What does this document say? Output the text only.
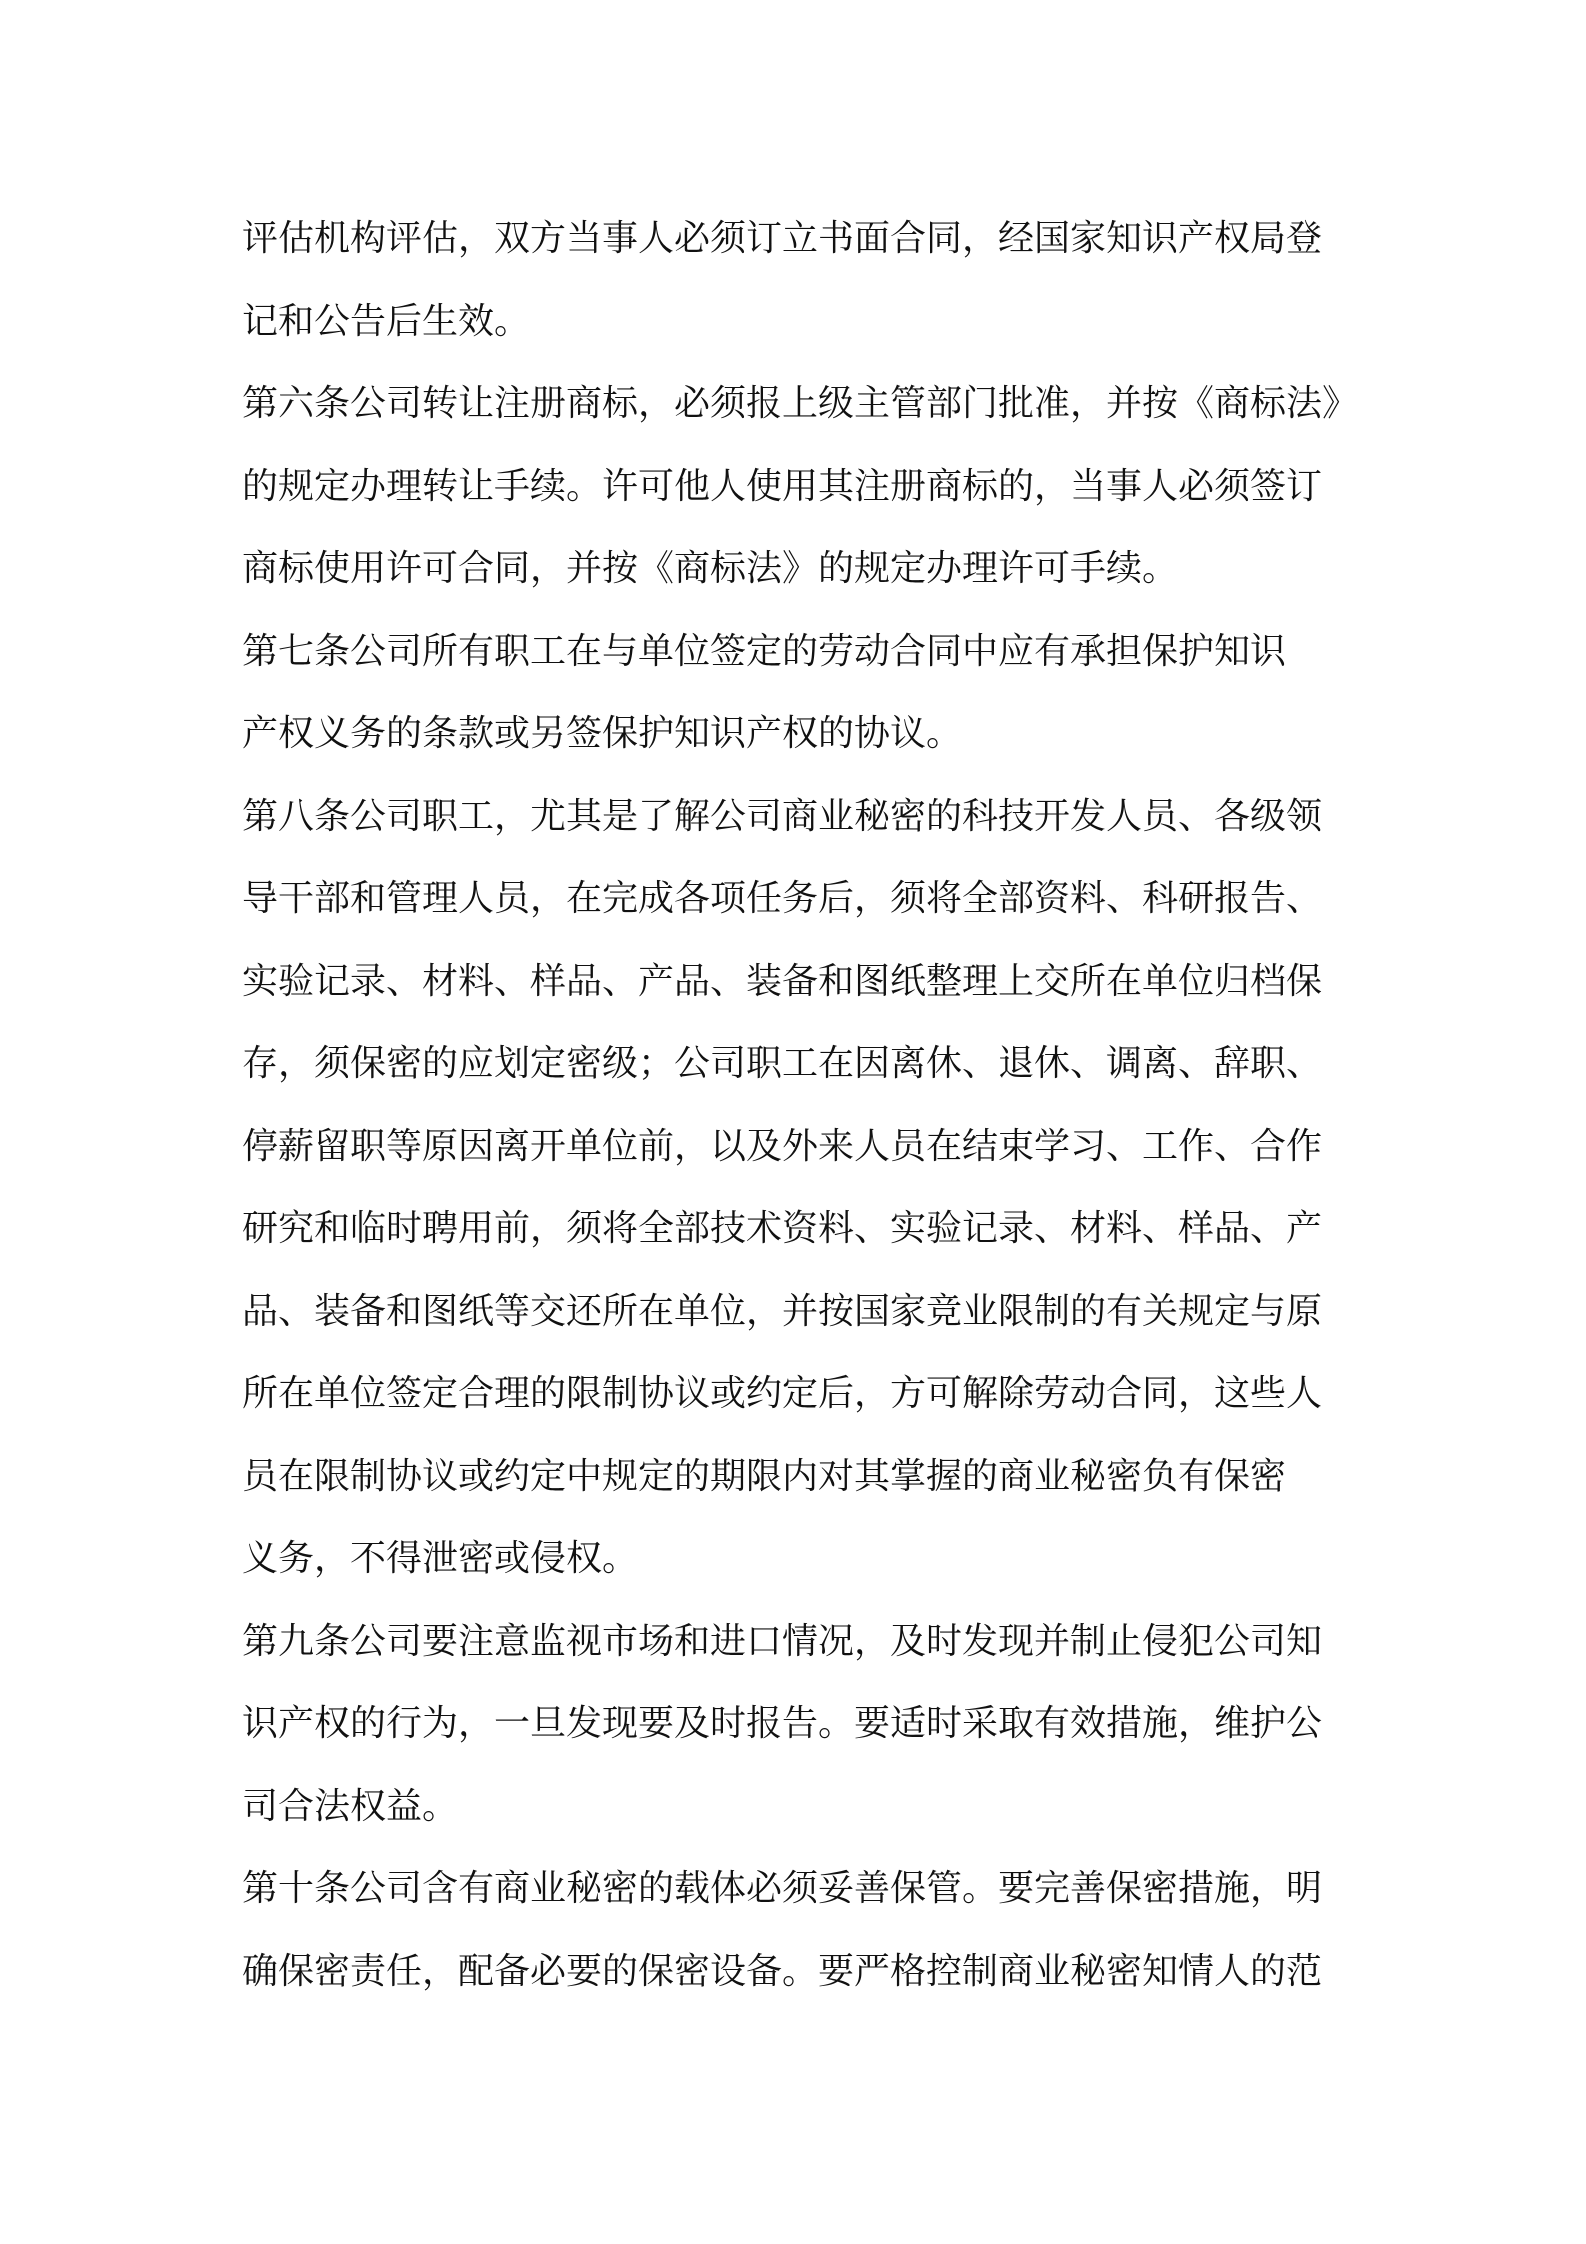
评估机构评估，双方当事人必须订立书面合同，经国家知识产权局登
记和公告后生效。
第六条公司转让注册商标，必须报上级主管部门批准，并按《商标法》
的规定办理转让手续。许可他人使用其注册商标的，当事人必须签订
商标使用许可合同，并按《商标法》的规定办理许可手续。
第七条公司所有职工在与单位签定的劳动合同中应有承担保护知识
产权义务的条款或另签保护知识产权的协议。
第八条公司职工，尤其是了解公司商业秘密的科技开发人员、各级领
导干部和管理人员，在完成各项任务后，须将全部资料、科研报告、
实验记录、材料、样品、产品、装备和图纸整理上交所在单位归档保
存，须保密的应划定密级；公司职工在因离休、退休、调离、辞职、
停薪留职等原因离开单位前，以及外来人员在结束学习、工作、合作
研究和临时聘用前，须将全部技术资料、实验记录、材料、样品、产
品、装备和图纸等交还所在单位，并按国家竞业限制的有关规定与原
所在单位签定合理的限制协议或约定后，方可解除劳动合同，这些人
员在限制协议或约定中规定的期限内对其掌握的商业秘密负有保密
义务，不得泄密或侵权。
第九条公司要注意监视市场和进口情况，及时发现并制止侵犯公司知
识产权的行为，一旦发现要及时报告。要适时采取有效措施，维护公
司合法权益。
第十条公司含有商业秘密的载体必须妥善保管。要完善保密措施，明
确保密责任，配备必要的保密设备。要严格控制商业秘密知情人的范
